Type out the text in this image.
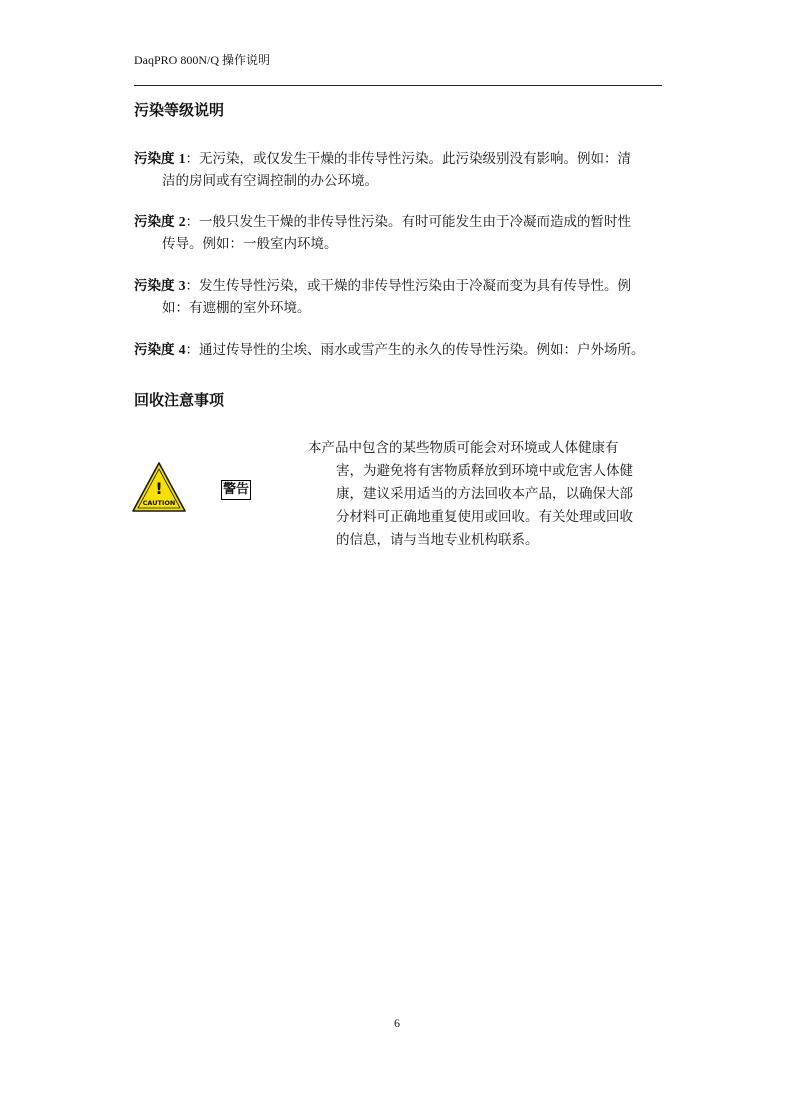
DaqPRO 800N/Q 操作说明
污染等级说明
污染度 1：无污染，或仅发生干燥的非传导性污染。此污染级别没有影响。例如：清
洁的房间或有空调控制的办公环境。
污染度 2：一般只发生干燥的非传导性污染。有时可能发生由于冷凝而造成的暂时性
传导。例如：一般室内环境。
污染度 3：发生传导性污染，或干燥的非传导性污染由于冷凝而变为具有传导性。例
如：有遮棚的室外环境。
污染度 4：通过传导性的尘埃、雨水或雪产生的永久的传导性污染。例如：户外场所。
回收注意事项
!
CAUTION
警告
本产品中包含的某些物质可能会对环境或人体健康有
害，为避免将有害物质释放到环境中或危害人体健
康，建议采用适当的方法回收本产品，以确保大部
分材料可正确地重复使用或回收。有关处理或回收
的信息，请与当地专业机构联系。
6
